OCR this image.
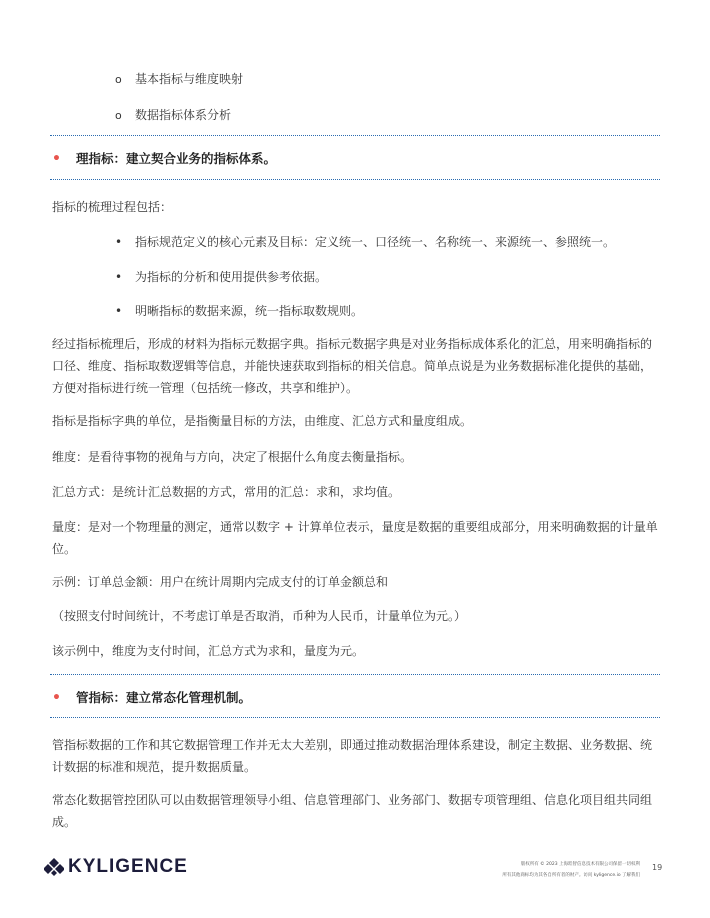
o 基本指标与维度映射
o 数据指标体系分析
• 理指标：建立契合业务的指标体系。
指标的梳理过程包括：
• 指标规范定义的核心元素及目标：定义统一、口径统一、名称统一、来源统一、参照统一。
• 为指标的分析和使用提供参考依据。
• 明晰指标的数据来源，统一指标取数规则。
经过指标梳理后，形成的材料为指标元数据字典。指标元数据字典是对业务指标成体系化的汇总，用来明确指标的口径、维度、指标取数逻辑等信息，并能快速获取到指标的相关信息。简单点说是为业务数据标准化提供的基础，方便对指标进行统一管理（包括统一修改，共享和维护）。
指标是指标字典的单位，是指衡量目标的方法，由维度、汇总方式和量度组成。
维度：是看待事物的视角与方向，决定了根据什么角度去衡量指标。
汇总方式：是统计汇总数据的方式，常用的汇总：求和，求均值。
量度：是对一个物理量的测定，通常以数字 + 计算单位表示，量度是数据的重要组成部分，用来明确数据的计量单位。
示例：订单总金额：用户在统计周期内完成支付的订单金额总和
（按照支付时间统计，不考虑订单是否取消，币种为人民币，计量单位为元。）
该示例中，维度为支付时间，汇总方式为求和，量度为元。
• 管指标：建立常态化管理机制。
管指标数据的工作和其它数据管理工作并无太大差别，即通过推动数据治理体系建设，制定主数据、业务数据、统计数据的标准和规范，提升数据质量。
常态化数据管控团队可以由数据管理领导小组、信息管理部门、业务部门、数据专项管理组、信息化项目组共同组成。
KYLIGENCE	版权所有 © 2023 上海跬智信息技术有限公司保留一切权利
所有其他商标均为其各自所有者的财产。访问 kyligence.io 了解我们
19
